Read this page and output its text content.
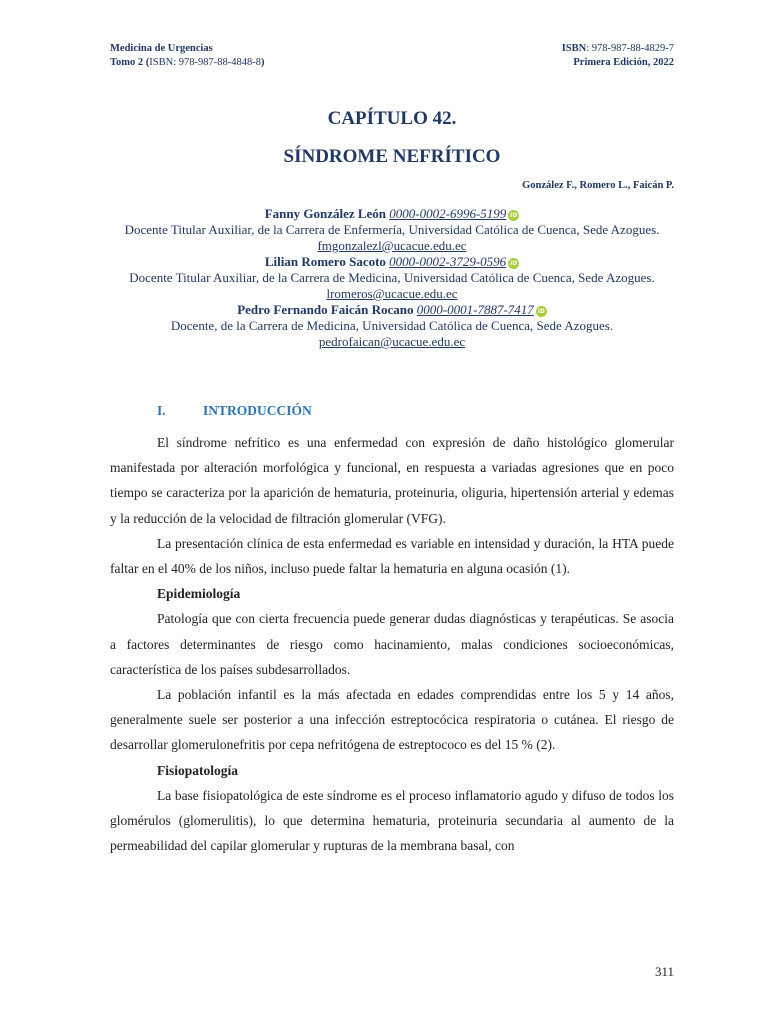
Medicina de Urgencias
Tomo 2 (ISBN: 978-987-88-4848-8)
ISBN: 978-987-88-4829-7
Primera Edición, 2022
CAPÍTULO 42.
SÍNDROME NEFRÍTICO
González F., Romero L., Faicán P.
Fanny González León 0000-0002-6996-5199 iD
Docente Titular Auxiliar, de la Carrera de Enfermería, Universidad Católica de Cuenca, Sede Azogues.
fmgonzalezl@ucacue.edu.ec
Lilian Romero Sacoto 0000-0002-3729-0596 iD
Docente Titular Auxiliar, de la Carrera de Medicina, Universidad Católica de Cuenca, Sede Azogues.
lromeros@ucacue.edu.ec
Pedro Fernando Faicán Rocano 0000-0001-7887-7417 iD
Docente, de la Carrera de Medicina, Universidad Católica de Cuenca, Sede Azogues.
pedrofaican@ucacue.edu.ec
I.	INTRODUCCIÓN

El síndrome nefrítico es una enfermedad con expresión de daño histológico glomerular manifestada por alteración morfológica y funcional, en respuesta a variadas agresiones que en poco tiempo se caracteriza por la aparición de hematuria, proteinuria, oliguria, hipertensión arterial y edemas y la reducción de la velocidad de filtración glomerular (VFG).

La presentación clínica de esta enfermedad es variable en intensidad y duración, la HTA puede faltar en el 40% de los niños, incluso puede faltar la hematuria en alguna ocasión (1).

Epidemiología

Patología que con cierta frecuencia puede generar dudas diagnósticas y terapéuticas. Se asocia a factores determinantes de riesgo como hacinamiento, malas condiciones socioeconómicas, característica de los países subdesarrollados.

La población infantil es la más afectada en edades comprendidas entre los 5 y 14 años, generalmente suele ser posterior a una infección estreptocócica respiratoria o cutánea. El riesgo de desarrollar glomerulonefritis por cepa nefritógena de estreptococo es del 15 % (2).

Fisiopatología

La base fisiopatológica de este síndrome es el proceso inflamatorio agudo y difuso de todos los glomérulos (glomerulitis), lo que determina hematuria, proteinuria secundaria al aumento de la permeabilidad del capilar glomerular y rupturas de la membrana basal, con

311
